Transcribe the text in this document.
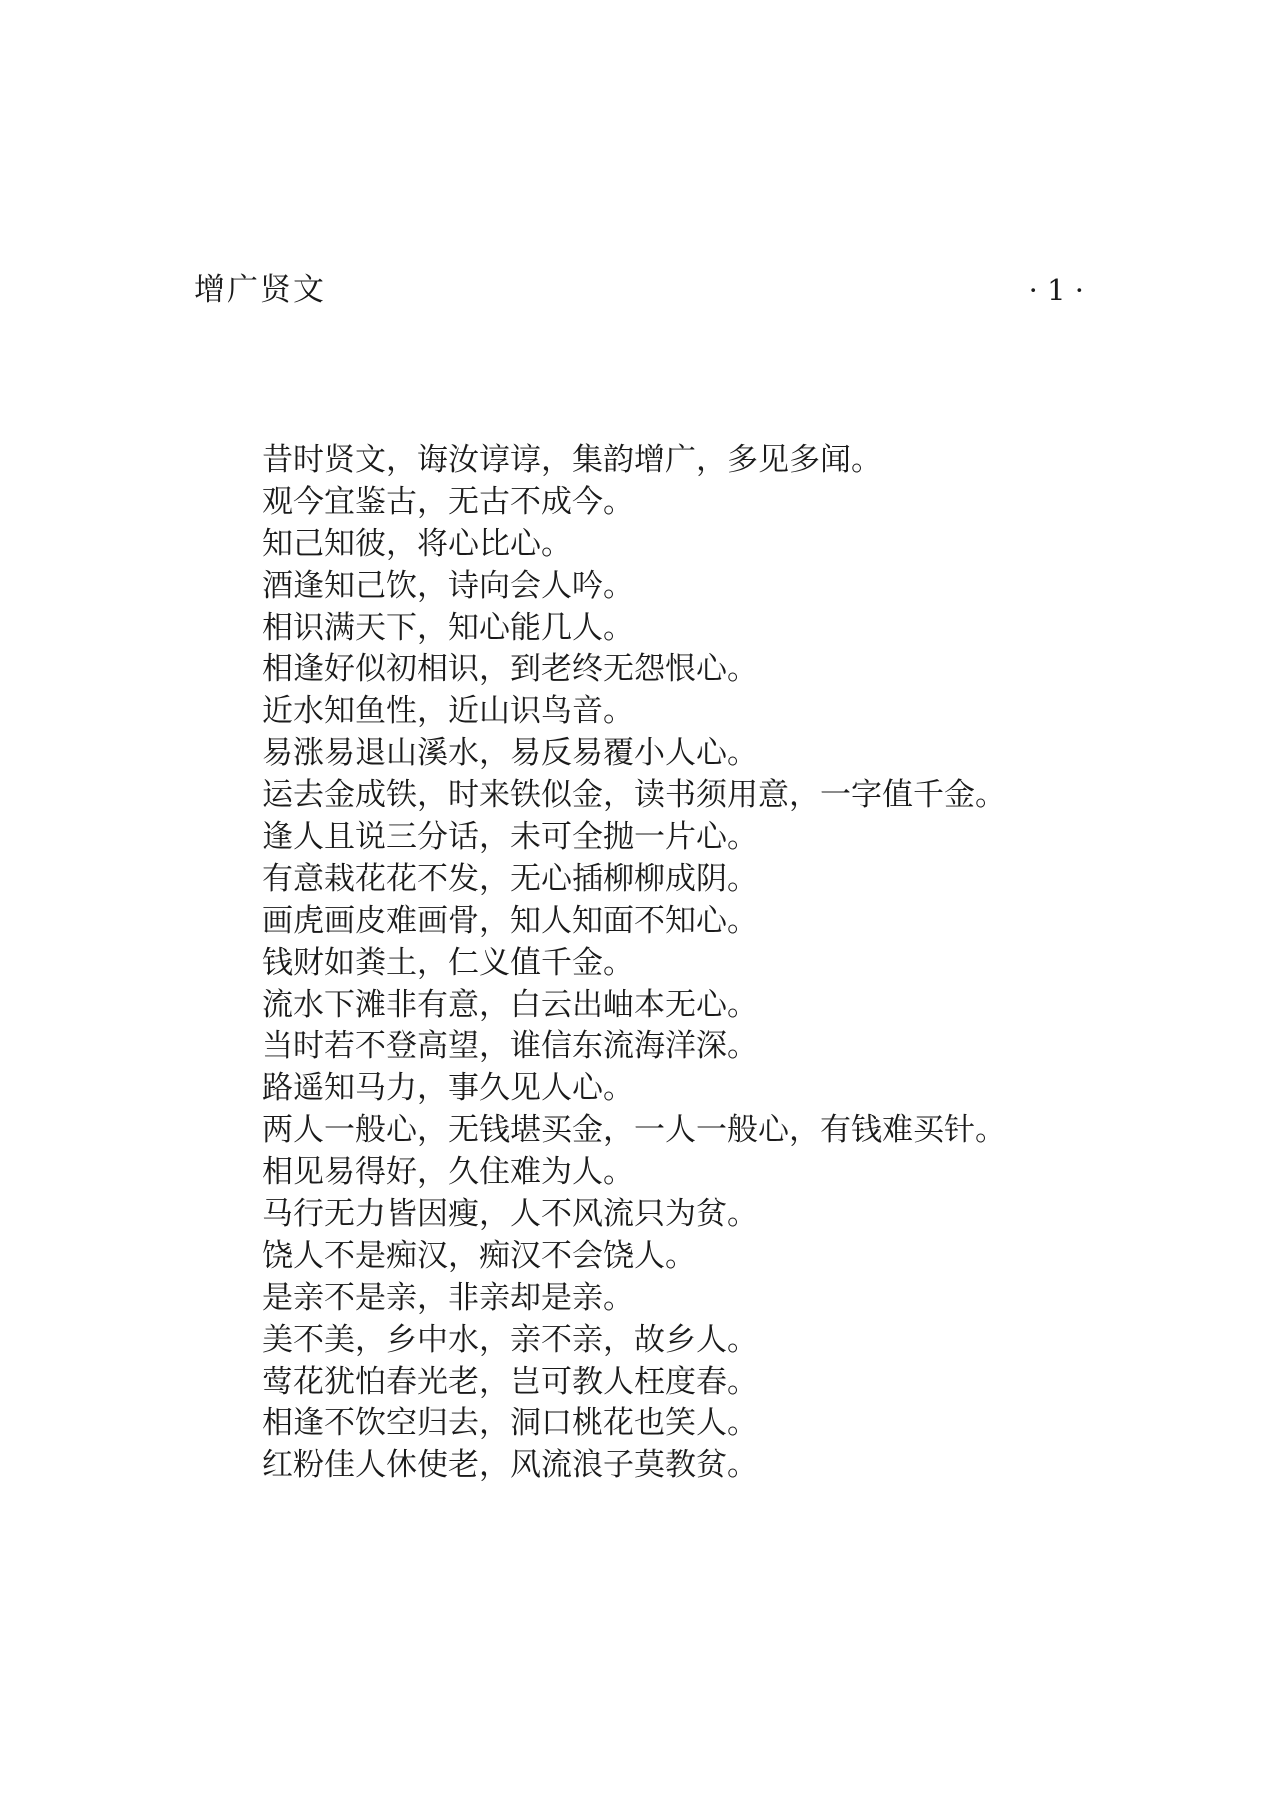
增广贤文	· 1 ·
昔时贤文，诲汝谆谆，集韵增广，多见多闻。
观今宜鉴古，无古不成今。
知己知彼，将心比心。
酒逢知己饮，诗向会人吟。
相识满天下，知心能几人。
相逢好似初相识，到老终无怨恨心。
近水知鱼性，近山识鸟音。
易涨易退山溪水，易反易覆小人心。
运去金成铁，时来铁似金，读书须用意，一字值千金。
逢人且说三分话，未可全抛一片心。
有意栽花花不发，无心插柳柳成阴。
画虎画皮难画骨，知人知面不知心。
钱财如粪土，仁义值千金。
流水下滩非有意，白云出岫本无心。
当时若不登高望，谁信东流海洋深。
路遥知马力，事久见人心。
两人一般心，无钱堪买金，一人一般心，有钱难买针。
相见易得好，久住难为人。
马行无力皆因瘦，人不风流只为贫。
饶人不是痴汉，痴汉不会饶人。
是亲不是亲，非亲却是亲。
美不美，乡中水，亲不亲，故乡人。
莺花犹怕春光老，岂可教人枉度春。
相逢不饮空归去，洞口桃花也笑人。
红粉佳人休使老，风流浪子莫教贫。
